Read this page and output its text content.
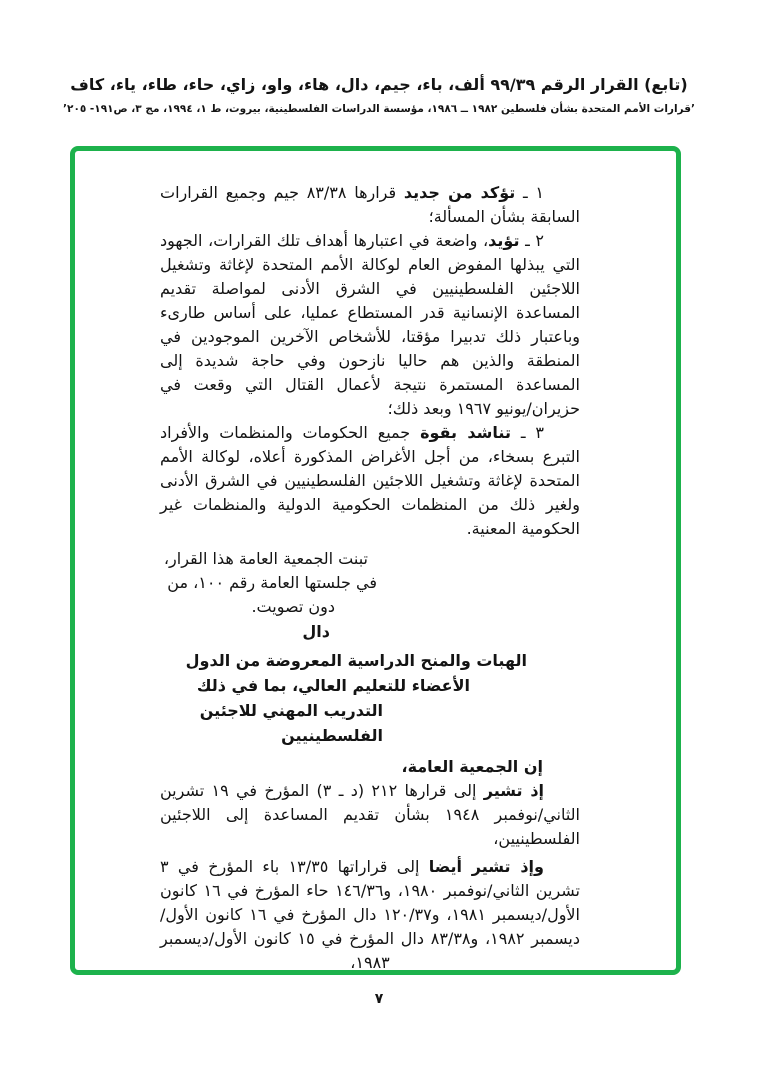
(تابع) القرار الرقم ٩٩/٣٩ ألف، باء، جيم، دال، هاء، واو، زاي، حاء، طاء، ياء، كاف
’قرارات الأمم المتحدة بشأن فلسطين ١٩٨٢ ــ ١٩٨٦، مؤسسة الدراسات الفلسطينية، بيروت، ط ١، ١٩٩٤، مج ٣، ص١٩١- ٢٠٥’

١ ـ تؤكد من جديد قرارها ٨٣/٣٨ جيم وجميع القرارات السابقة بشأن المسألة؛

٢ ـ تؤيد، واضعة في اعتبارها أهداف تلك القرارات، الجهود التي يبذلها المفوض العام لوكالة الأمم المتحدة لإغاثة وتشغيل اللاجئين الفلسطينيين في الشرق الأدنى لمواصلة تقديم المساعدة الإنسانية قدر المستطاع عمليا، على أساس طارىء وباعتبار ذلك تدبيرا مؤقتا، للأشخاص الآخرين الموجودين في المنطقة والذين هم حاليا نازحون وفي حاجة شديدة إلى المساعدة المستمرة نتيجة لأعمال القتال التي وقعت في حزيران/يونيو ١٩٦٧ وبعد ذلك؛

٣ ـ تناشد بقوة جميع الحكومات والمنظمات والأفراد التبرع بسخاء، من أجل الأغراض المذكورة أعلاه، لوكالة الأمم المتحدة لإغاثة وتشغيل اللاجئين الفلسطينيين في الشرق الأدنى ولغير ذلك من المنظمات الحكومية الدولية والمنظمات غير الحكومية المعنية.

تبنت الجمعية العامة هذا القرار،
في جلستها العامة رقم ١٠٠، من
دون تصويت.
دال
الهبات والمنح الدراسية المعروضة من الدول
الأعضاء للتعليم العالي، بما في ذلك
التدريب المهني للاجئين الفلسطينيين
إن الجمعية العامة،

إذ تشير إلى قرارها ٢١٢ (د ـ ٣) المؤرخ في ١٩ تشرين الثاني/نوفمبر ١٩٤٨ بشأن تقديم المساعدة إلى اللاجئين الفلسطينيين،

وإذ تشير أيضا إلى قراراتها ١٣/٣٥ باء المؤرخ في ٣ تشرين الثاني/نوفمبر ١٩٨٠، و١٤٦/٣٦ حاء المؤرخ في ١٦ كانون الأول/ديسمبر ١٩٨١، و١٢٠/٣٧ دال المؤرخ في ١٦ كانون الأول/ديسمبر ١٩٨٢، و٨٣/٣٨ دال المؤرخ في ١٥ كانون الأول/ديسمبر ١٩٨٣،

٧
